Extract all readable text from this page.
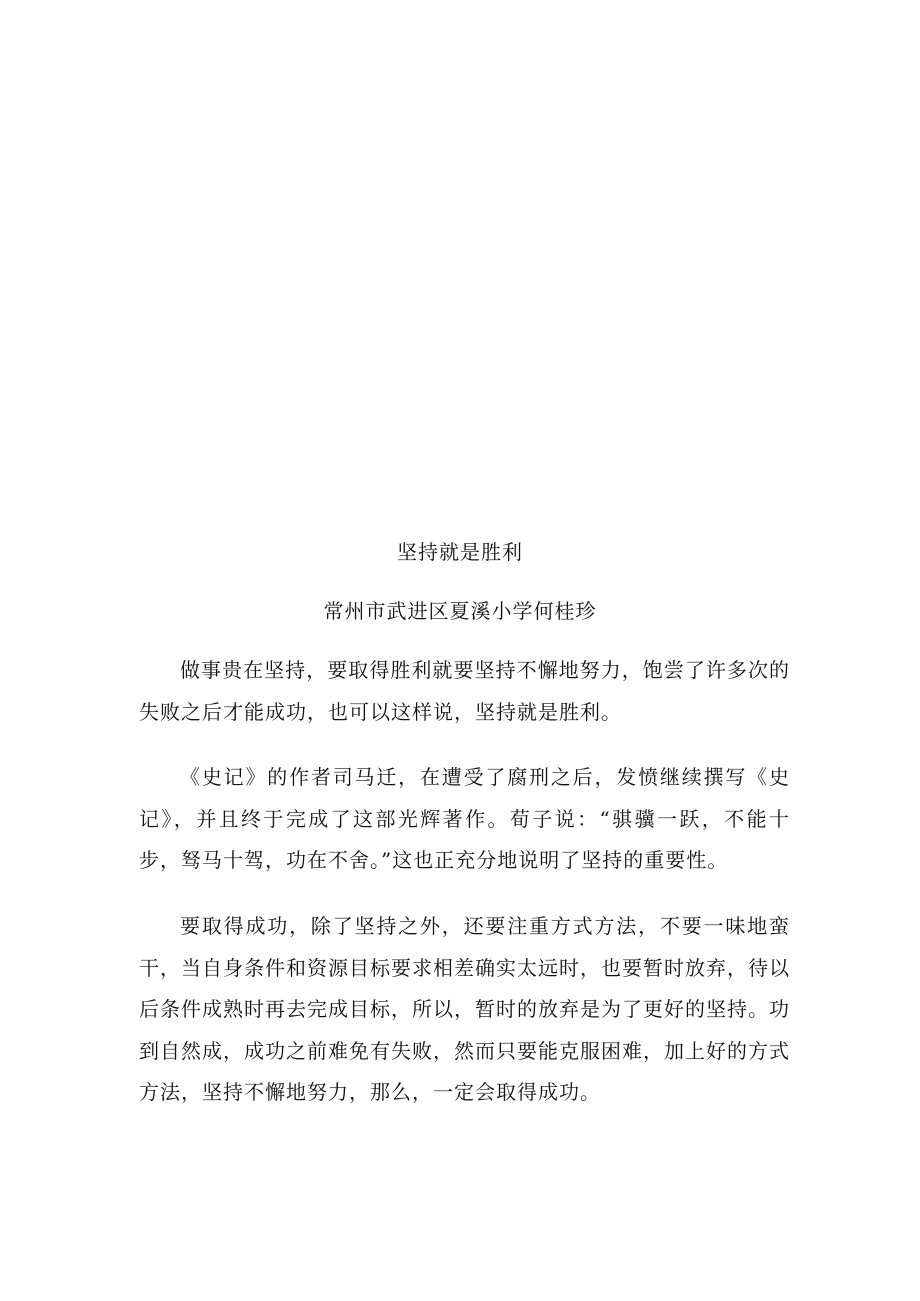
坚持就是胜利
常州市武进区夏溪小学何桂珍

做事贵在坚持，要取得胜利就要坚持不懈地努力，饱尝了许多次的失败之后才能成功，也可以这样说，坚持就是胜利。

《史记》的作者司马迁，在遭受了腐刑之后，发愤继续撰写《史记》，并且终于完成了这部光辉著作。荀子说：“骐骥一跃，不能十步，驽马十驾，功在不舍。”这也正充分地说明了坚持的重要性。

要取得成功，除了坚持之外，还要注重方式方法，不要一味地蛮干，当自身条件和资源目标要求相差确实太远时，也要暂时放弃，待以后条件成熟时再去完成目标，所以，暂时的放弃是为了更好的坚持。功到自然成，成功之前难免有失败，然而只要能克服困难，加上好的方式方法，坚持不懈地努力，那么，一定会取得成功。
